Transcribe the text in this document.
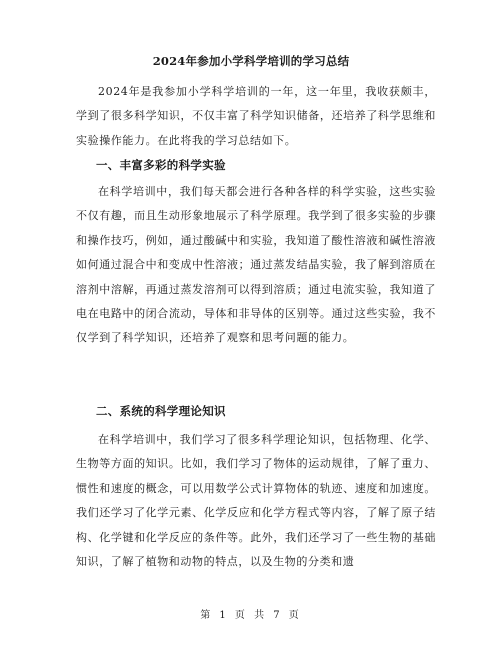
2024年参加小学科学培训的学习总结

2024年是我参加小学科学培训的一年，这一年里，我收获颇丰，学到了很多科学知识，不仅丰富了科学知识储备，还培养了科学思维和实验操作能力。在此将我的学习总结如下。

一、丰富多彩的科学实验

在科学培训中，我们每天都会进行各种各样的科学实验，这些实验不仅有趣，而且生动形象地展示了科学原理。我学到了很多实验的步骤和操作技巧，例如，通过酸碱中和实验，我知道了酸性溶液和碱性溶液如何通过混合中和变成中性溶液；通过蒸发结晶实验，我了解到溶质在溶剂中溶解，再通过蒸发溶剂可以得到溶质；通过电流实验，我知道了电在电路中的闭合流动，导体和非导体的区别等。通过这些实验，我不仅学到了科学知识，还培养了观察和思考问题的能力。

二、系统的科学理论知识

在科学培训中，我们学习了很多科学理论知识，包括物理、化学、生物等方面的知识。比如，我们学习了物体的运动规律，了解了重力、惯性和速度的概念，可以用数学公式计算物体的轨迹、速度和加速度。我们还学习了化学元素、化学反应和化学方程式等内容，了解了原子结构、化学键和化学反应的条件等。此外，我们还学习了一些生物的基础知识，了解了植物和动物的特点，以及生物的分类和遗

第 1 页 共 7 页
